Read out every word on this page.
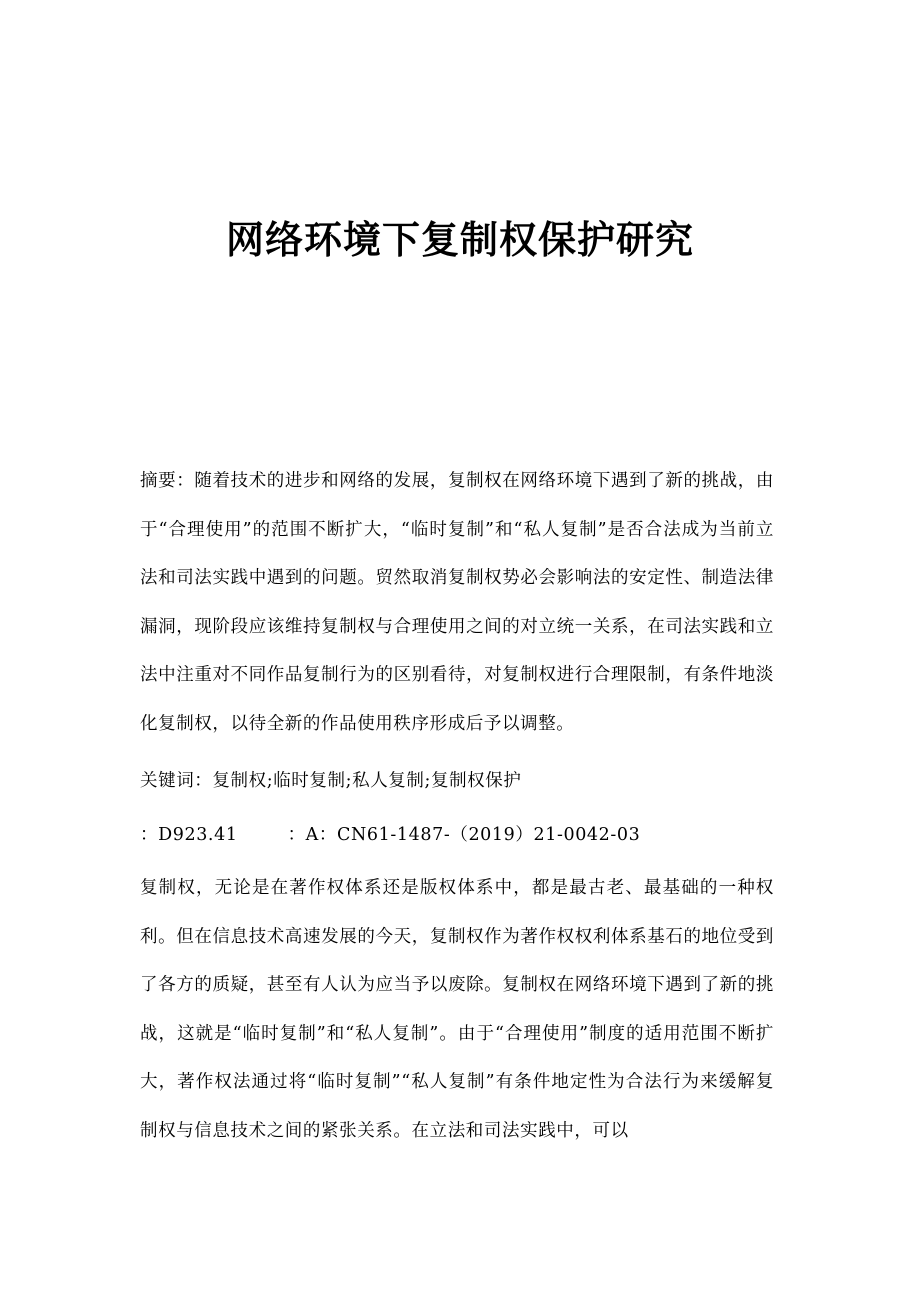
网络环境下复制权保护研究

摘要：随着技术的进步和网络的发展，复制权在网络环境下遇到了新的挑战，由于“合理使用”的范围不断扩大，“临时复制”和“私人复制”是否合法成为当前立法和司法实践中遇到的问题。贸然取消复制权势必会影响法的安定性、制造法律漏洞，现阶段应该维持复制权与合理使用之间的对立统一关系，在司法实践和立法中注重对不同作品复制行为的区别看待，对复制权进行合理限制，有条件地淡化复制权，以待全新的作品使用秩序形成后予以调整。

关键词：复制权;临时复制;私人复制;复制权保护

：D923.41	：A：CN61-1487-（2019）21-0042-03

复制权，无论是在著作权体系还是版权体系中，都是最古老、最基础的一种权利。但在信息技术高速发展的今天，复制权作为著作权权利体系基石的地位受到了各方的质疑，甚至有人认为应当予以废除。复制权在网络环境下遇到了新的挑战，这就是“临时复制”和“私人复制”。由于“合理使用”制度的适用范围不断扩大，著作权法通过将“临时复制”“私人复制”有条件地定性为合法行为来缓解复制权与信息技术之间的紧张关系。在立法和司法实践中，可以
